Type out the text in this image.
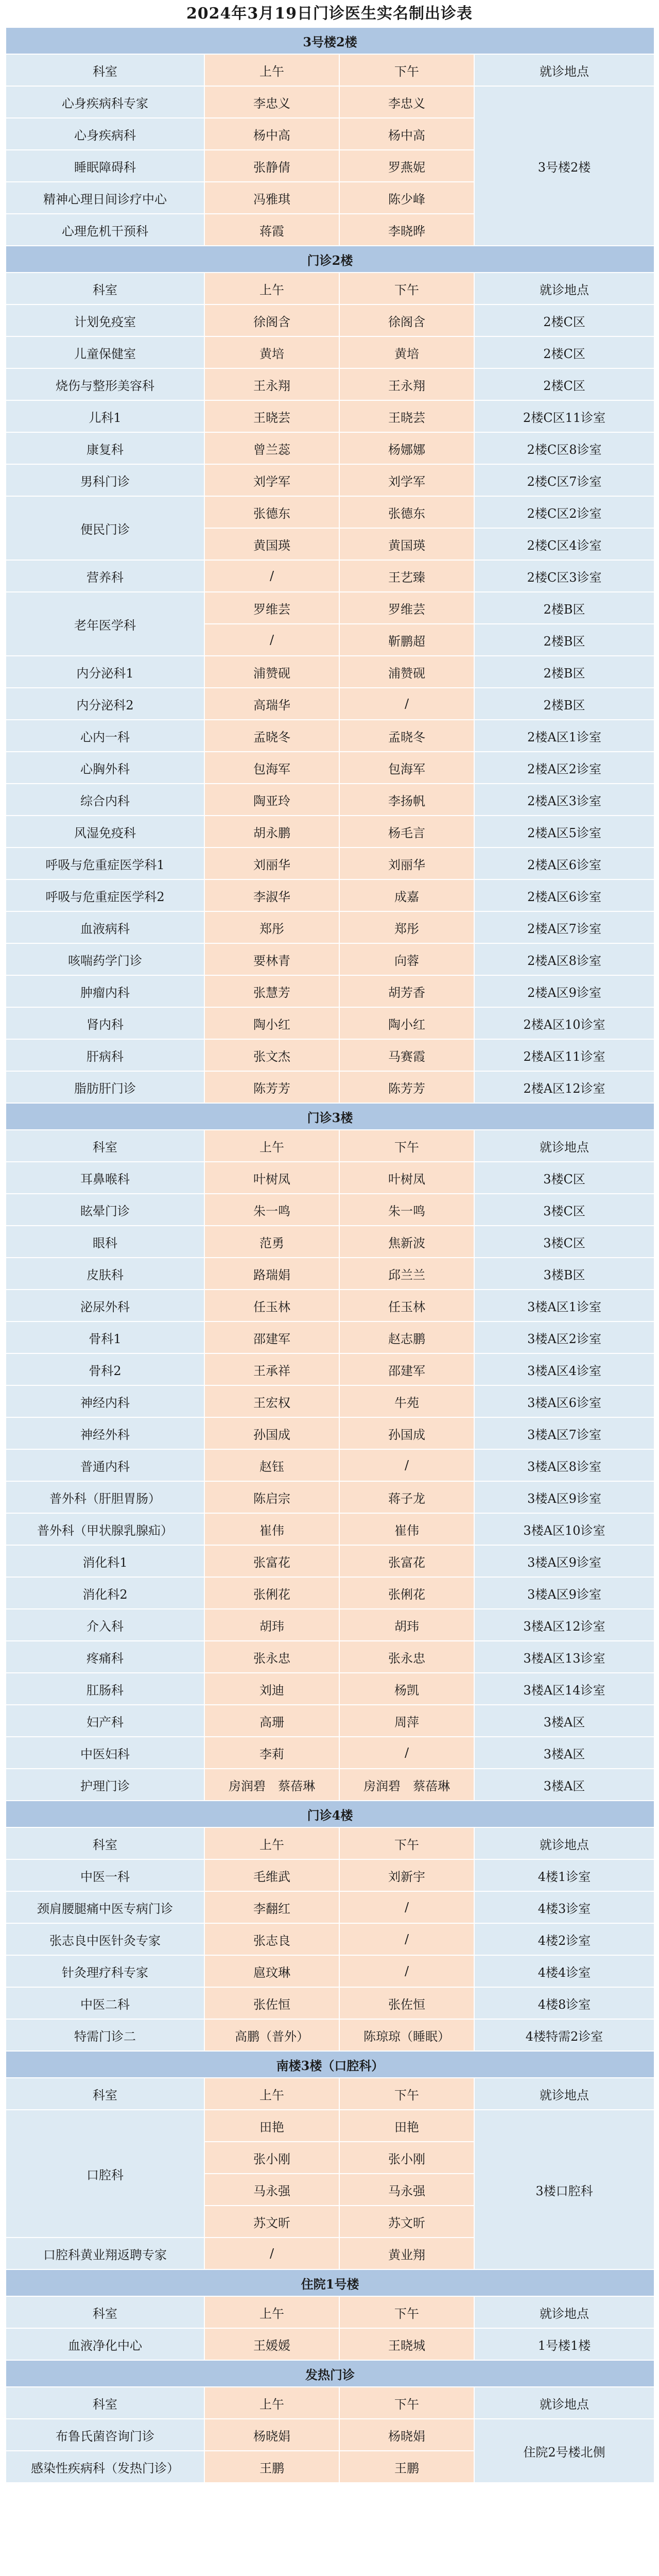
2024年3月19日门诊医生实名制出诊表
3号楼2楼			
科室	上午	下午	就诊地点
心身疾病科专家	李忠义	李忠义	3号楼2楼
心身疾病科	杨中高	杨中高	
睡眠障碍科	张静倩	罗燕妮	
精神心理日间诊疗中心	冯雅琪	陈少峰	
心理危机干预科	蒋霞	李晓晔	
门诊2楼			
科室	上午	下午	就诊地点
计划免疫室	徐阁含	徐阁含	2楼C区
儿童保健室	黄培	黄培	2楼C区
烧伤与整形美容科	王永翔	王永翔	2楼C区
儿科1	王晓芸	王晓芸	2楼C区11诊室
康复科	曾兰蕊	杨娜娜	2楼C区8诊室
男科门诊	刘学军	刘学军	2楼C区7诊室
便民门诊	张德东	张德东	2楼C区2诊室
	黄国瑛	黄国瑛	2楼C区4诊室
营养科	/	王艺臻	2楼C区3诊室
老年医学科	罗维芸	罗维芸	2楼B区
	/	靳鹏超	2楼B区
内分泌科1	浦赞砚	浦赞砚	2楼B区
内分泌科2	高瑞华	/	2楼B区
心内一科	孟晓冬	孟晓冬	2楼A区1诊室
心胸外科	包海军	包海军	2楼A区2诊室
综合内科	陶亚玲	李扬帆	2楼A区3诊室
风湿免疫科	胡永鹏	杨毛言	2楼A区5诊室
呼吸与危重症医学科1	刘丽华	刘丽华	2楼A区6诊室
呼吸与危重症医学科2	李淑华	成嘉	2楼A区6诊室
血液病科	郑彤	郑彤	2楼A区7诊室
咳喘药学门诊	要林青	向蓉	2楼A区8诊室
肿瘤内科	张慧芳	胡芳香	2楼A区9诊室
肾内科	陶小红	陶小红	2楼A区10诊室
肝病科	张文杰	马赛霞	2楼A区11诊室
脂肪肝门诊	陈芳芳	陈芳芳	2楼A区12诊室
门诊3楼			
科室	上午	下午	就诊地点
耳鼻喉科	叶树凤	叶树凤	3楼C区
眩晕门诊	朱一鸣	朱一鸣	3楼C区
眼科	范勇	焦新波	3楼C区
皮肤科	路瑞娟	邱兰兰	3楼B区
泌尿外科	任玉林	任玉林	3楼A区1诊室
骨科1	邵建军	赵志鹏	3楼A区2诊室
骨科2	王承祥	邵建军	3楼A区4诊室
神经内科	王宏权	牛苑	3楼A区6诊室
神经外科	孙国成	孙国成	3楼A区7诊室
普通内科	赵钰	/	3楼A区8诊室
普外科（肝胆胃肠）	陈启宗	蒋子龙	3楼A区9诊室
普外科（甲状腺乳腺疝）	崔伟	崔伟	3楼A区10诊室
消化科1	张富花	张富花	3楼A区9诊室
消化科2	张俐花	张俐花	3楼A区9诊室
介入科	胡玮	胡玮	3楼A区12诊室
疼痛科	张永忠	张永忠	3楼A区13诊室
肛肠科	刘迪	杨凯	3楼A区14诊室
妇产科	高珊	周萍	3楼A区
中医妇科	李莉	/	3楼A区
护理门诊	房润碧　蔡蓓琳	房润碧　蔡蓓琳	3楼A区
门诊4楼			
科室	上午	下午	就诊地点
中医一科	毛维武	刘新宇	4楼1诊室
颈肩腰腿痛中医专病门诊	李翻红	/	4楼3诊室
张志良中医针灸专家	张志良	/	4楼2诊室
针灸理疗科专家	扈玟琳	/	4楼4诊室
中医二科	张佐恒	张佐恒	4楼8诊室
特需门诊二	高鹏（普外）	陈琼琼（睡眠）	4楼特需2诊室
南楼3楼（口腔科）			
科室	上午	下午	就诊地点
口腔科	田艳	田艳	3楼口腔科
	张小刚	张小刚	
	马永强	马永强	
	苏文昕	苏文昕	
口腔科黄业翔返聘专家	/	黄业翔	
住院1号楼			
科室	上午	下午	就诊地点
血液净化中心	王媛媛	王晓城	1号楼1楼
发热门诊			
科室	上午	下午	就诊地点
布鲁氏菌咨询门诊	杨晓娟	杨晓娟	住院2号楼北侧
感染性疾病科（发热门诊）	王鹏	王鹏	
